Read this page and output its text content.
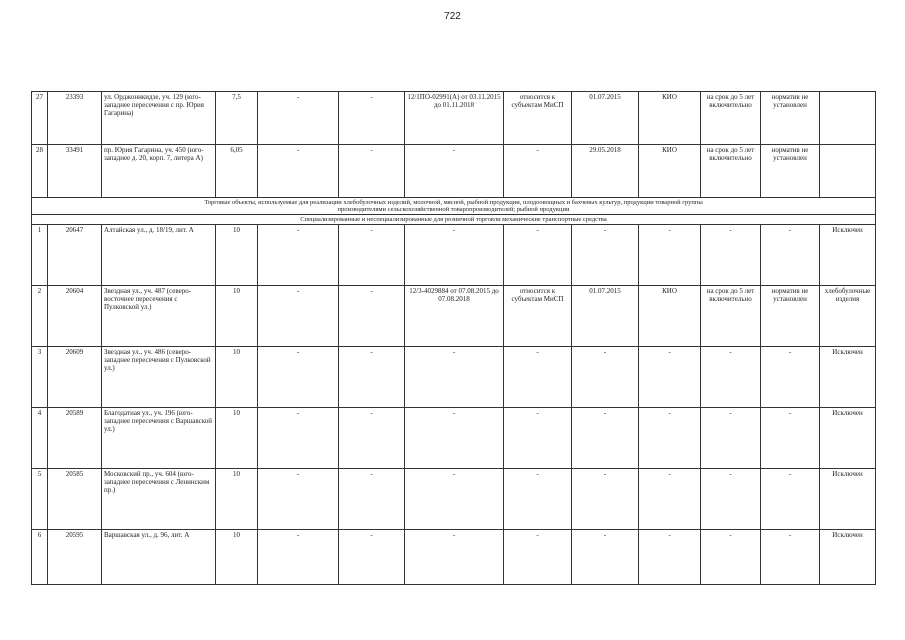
722
27	23393	ул. Орджоникидзе, уч. 129 (юго-западнее пересечения с пр. Юрия Гагарина)	7,5	-	-	12/1ПО-02991(А) от 03.11.2015 до 01.11.2018	относится к субъектам МиСП	01.07.2015	КИО	на срок до 5 лет включительно	норматив не установлен	
28	33491	пр. Юрия Гагарина, уч. 450 (юго-западнее д. 20, корп. 7, литера А)	6,05	-	-	-	-	29.05.2018	КИО	на срок до 5 лет включительно	норматив не установлен	

Торговые объекты, используемые для реализации хлебобулочных изделий, молочной, мясной, рыбной продукции, плодоовощных и бахчевых культур, продукции товарной группы
производителями сельскохозяйственной товаропроизводителей; рыбной продукции												

Специализированные и неспециализированные для розничной торговли механические транспортные средства												
1	20647	Алтайская ул., д. 18/19, лит. А	10	-	-	-	-	-	-	-	-	Исключен
2	20604	Звездная ул., уч. 487 (северо-восточнее пересечения с Пулковской ул.)	10	-	-	12/3-4029884 от 07.08.2015 до 07.08.2018	относится к субъектам МиСП	01.07.2015	КИО	на срок до 5 лет включительно	норматив не установлен	хлебобулочные изделия
3	20609	Звездная ул., уч. 486 (северо-западнее пересечения с Пулковской ул.)	10	-	-	-	-	-	-	-	-	Исключен
4	20589	Благодатная ул., уч. 196 (юго-западнее пересечения с Варшавской ул.)	10	-	-	-	-	-	-	-	-	Исключен
5	20585	Московский пр., уч. 604 (юго-западнее пересечения с Ленинским пр.)	10	-	-	-	-	-	-	-	-	Исключен
6	20595	Варшавская ул., д. 96, лит. А	10	-	-	-	-	-	-	-	-	Исключен
